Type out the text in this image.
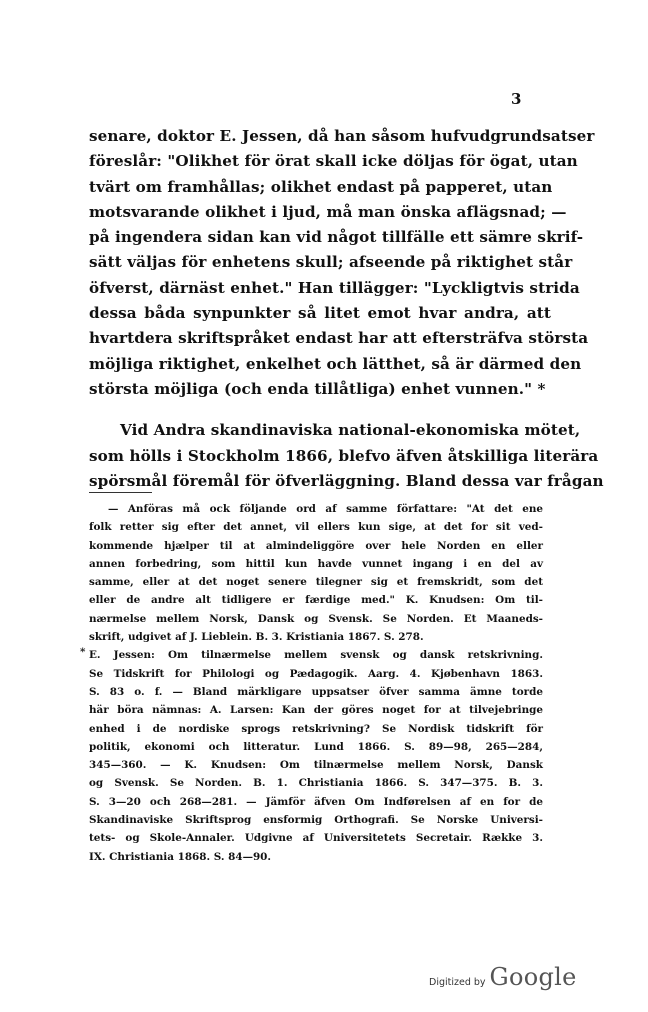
3
senare, doktor E. Jessen, då han såsom hufvudgrundsatser
föreslår: "Olikhet för örat skall icke döljas för ögat, utan
tvärt om framhållas; olikhet endast på papperet, utan
motsvarande olikhet i ljud, må man önska aflägsnad; —
på ingendera sidan kan vid något tillfälle ett sämre skrif-
sätt väljas för enhetens skull; afseende på riktighet står
öfverst, därnäst enhet." Han tillägger: "Lyckligtvis strida
dessa båda synpunkter så litet emot hvar andra, att
hvartdera skriftspråket endast har att eftersträfva största
möjliga riktighet, enkelhet och lätthet, så är därmed den
största möjliga (och enda tillåtliga) enhet vunnen." *
Vid Andra skandinaviska national-ekonomiska mötet,
som hölls i Stockholm 1866, blefvo äfven åtskilliga literära
spörsmål föremål för öfverläggning. Bland dessa var frågan
— Anföras må ock följande ord af samme författare: "At det ene
folk retter sig efter det annet, vil ellers kun sige, at det for sit ved-
kommende hjælper til at almindeliggöre over hele Norden en eller
annen forbedring, som hittil kun havde vunnet ingang i en del av
samme, eller at det noget senere tilegner sig et fremskridt, som det
eller de andre alt tidligere er færdige med." K. Knudsen: Om til-
nærmelse mellem Norsk, Dansk og Svensk. Se Norden. Et Maaneds-
skrift, udgivet af J. Lieblein. B. 3. Kristiania 1867. S. 278.
* E. Jessen: Om tilnærmelse mellem svensk og dansk retskrivning.
Se Tidskrift for Philologi og Pædagogik. Aarg. 4. Kjøbenhavn 1863.
S. 83 o. f. — Bland märkligare uppsatser öfver samma ämne torde
här böra nämnas: A. Larsen: Kan der göres noget for at tilvejebringe
enhed i de nordiske sprogs retskrivning? Se Nordisk tidskrift för
politik, ekonomi och litteratur. Lund 1866. S. 89—98, 265—284,
345—360. — K. Knudsen: Om tilnærmelse mellem Norsk, Dansk
og Svensk. Se Norden. B. 1. Christiania 1866. S. 347—375. B. 3.
S. 3—20 och 268—281. — Jämför äfven Om Indførelsen af en for de
Skandinaviske Skriftsprog ensformig Orthografi. Se Norske Universi-
tets- og Skole-Annaler. Udgivne af Universitetets Secretair. Række 3.
IX. Christiania 1868. S. 84—90.
Digitized by Google
